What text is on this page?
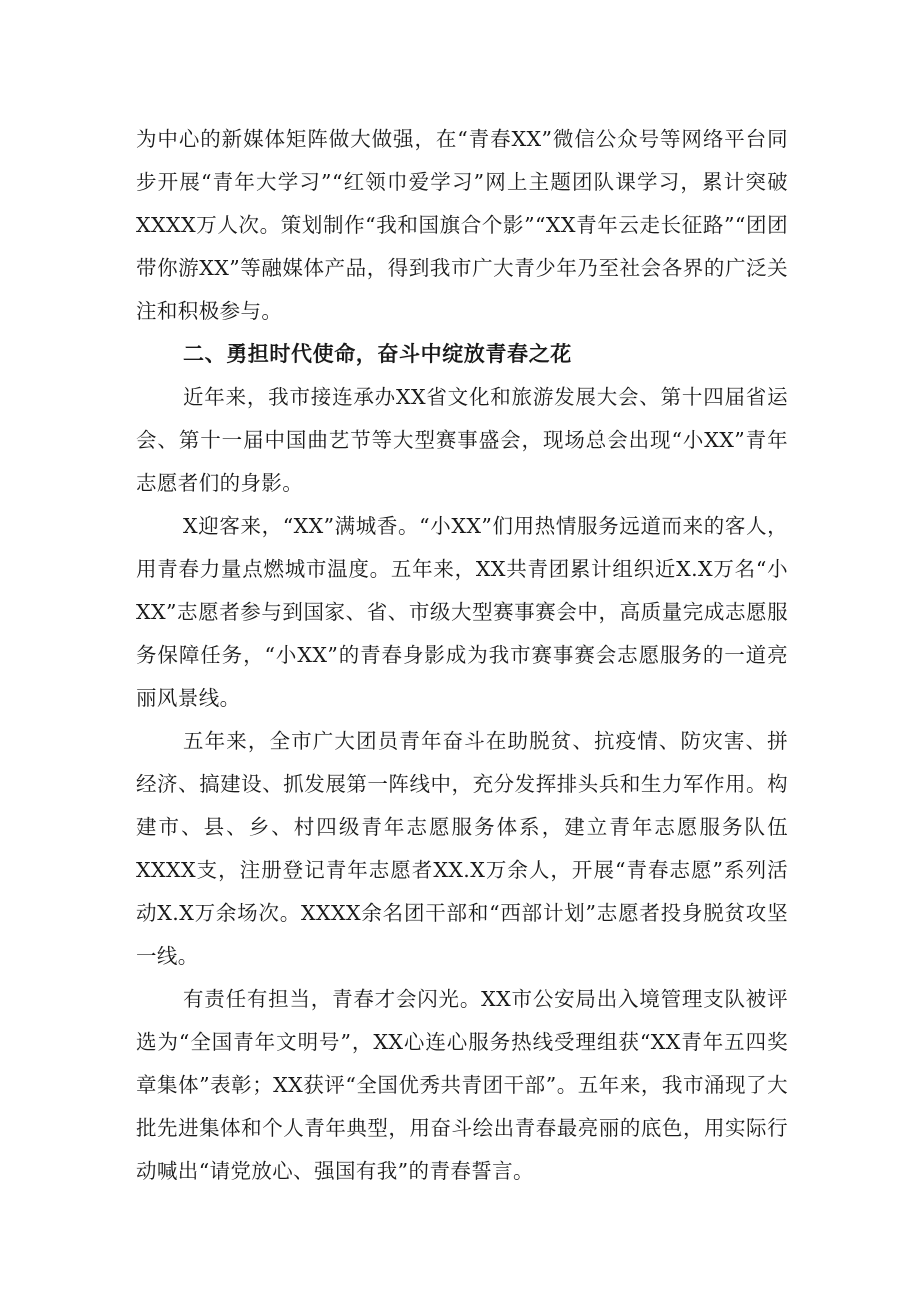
为中心的新媒体矩阵做大做强，在“青春XX”微信公众号等网络平台同步开展“青年大学习”“红领巾爱学习”网上主题团队课学习，累计突破XXXX万人次。策划制作“我和国旗合个影”“XX青年云走长征路”“团团带你游XX”等融媒体产品，得到我市广大青少年乃至社会各界的广泛关注和积极参与。

二、勇担时代使命，奋斗中绽放青春之花

近年来，我市接连承办XX省文化和旅游发展大会、第十四届省运会、第十一届中国曲艺节等大型赛事盛会，现场总会出现“小XX”青年志愿者们的身影。

X迎客来，“XX”满城香。“小XX”们用热情服务远道而来的客人，用青春力量点燃城市温度。五年来，XX共青团累计组织近X.X万名“小XX”志愿者参与到国家、省、市级大型赛事赛会中，高质量完成志愿服务保障任务，“小XX”的青春身影成为我市赛事赛会志愿服务的一道亮丽风景线。

五年来，全市广大团员青年奋斗在助脱贫、抗疫情、防灾害、拼经济、搞建设、抓发展第一阵线中，充分发挥排头兵和生力军作用。构建市、县、乡、村四级青年志愿服务体系，建立青年志愿服务队伍XXXX支，注册登记青年志愿者XX.X万余人，开展“青春志愿”系列活动X.X万余场次。XXXX余名团干部和“西部计划”志愿者投身脱贫攻坚一线。

有责任有担当，青春才会闪光。XX市公安局出入境管理支队被评选为“全国青年文明号”，XX心连心服务热线受理组获“XX青年五四奖章集体”表彰；XX获评“全国优秀共青团干部”。五年来，我市涌现了大批先进集体和个人青年典型，用奋斗绘出青春最亮丽的底色，用实际行动喊出“请党放心、强国有我”的青春誓言。
